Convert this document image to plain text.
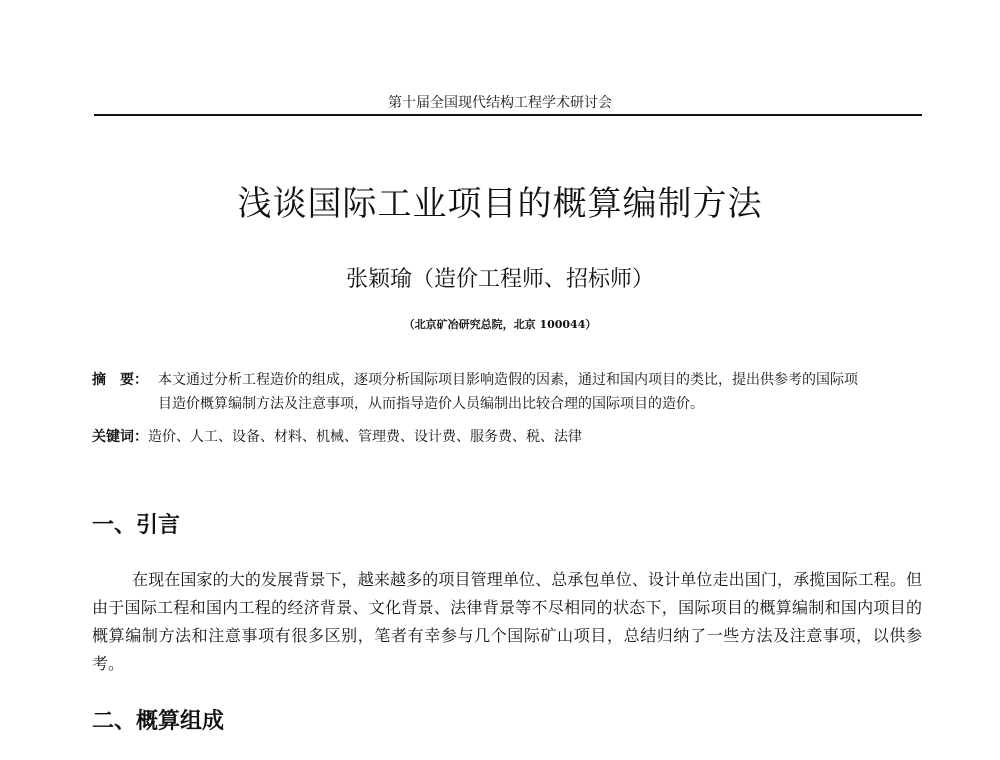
第十届全国现代结构工程学术研讨会
浅谈国际工业项目的概算编制方法
张颖瑜（造价工程师、招标师）
（北京矿冶研究总院，北京 100044）
摘　要： 本文通过分析工程造价的组成，逐项分析国际项目影响造假的因素，通过和国内项目的类比，提出供参考的国际项
目造价概算编制方法及注意事项，从而指导造价人员编制出比较合理的国际项目的造价。
关键词：造价、人工、设备、材料、机械、管理费、设计费、服务费、税、法律
一、引言
在现在国家的大的发展背景下，越来越多的项目管理单位、总承包单位、设计单位走出国门，承揽国际工程。但由于国际工程和国内工程的经济背景、文化背景、法律背景等不尽相同的状态下，国际项目的概算编制和国内项目的概算编制方法和注意事项有很多区别，笔者有幸参与几个国际矿山项目，总结归纳了一些方法及注意事项，以供参考。
二、概算组成
